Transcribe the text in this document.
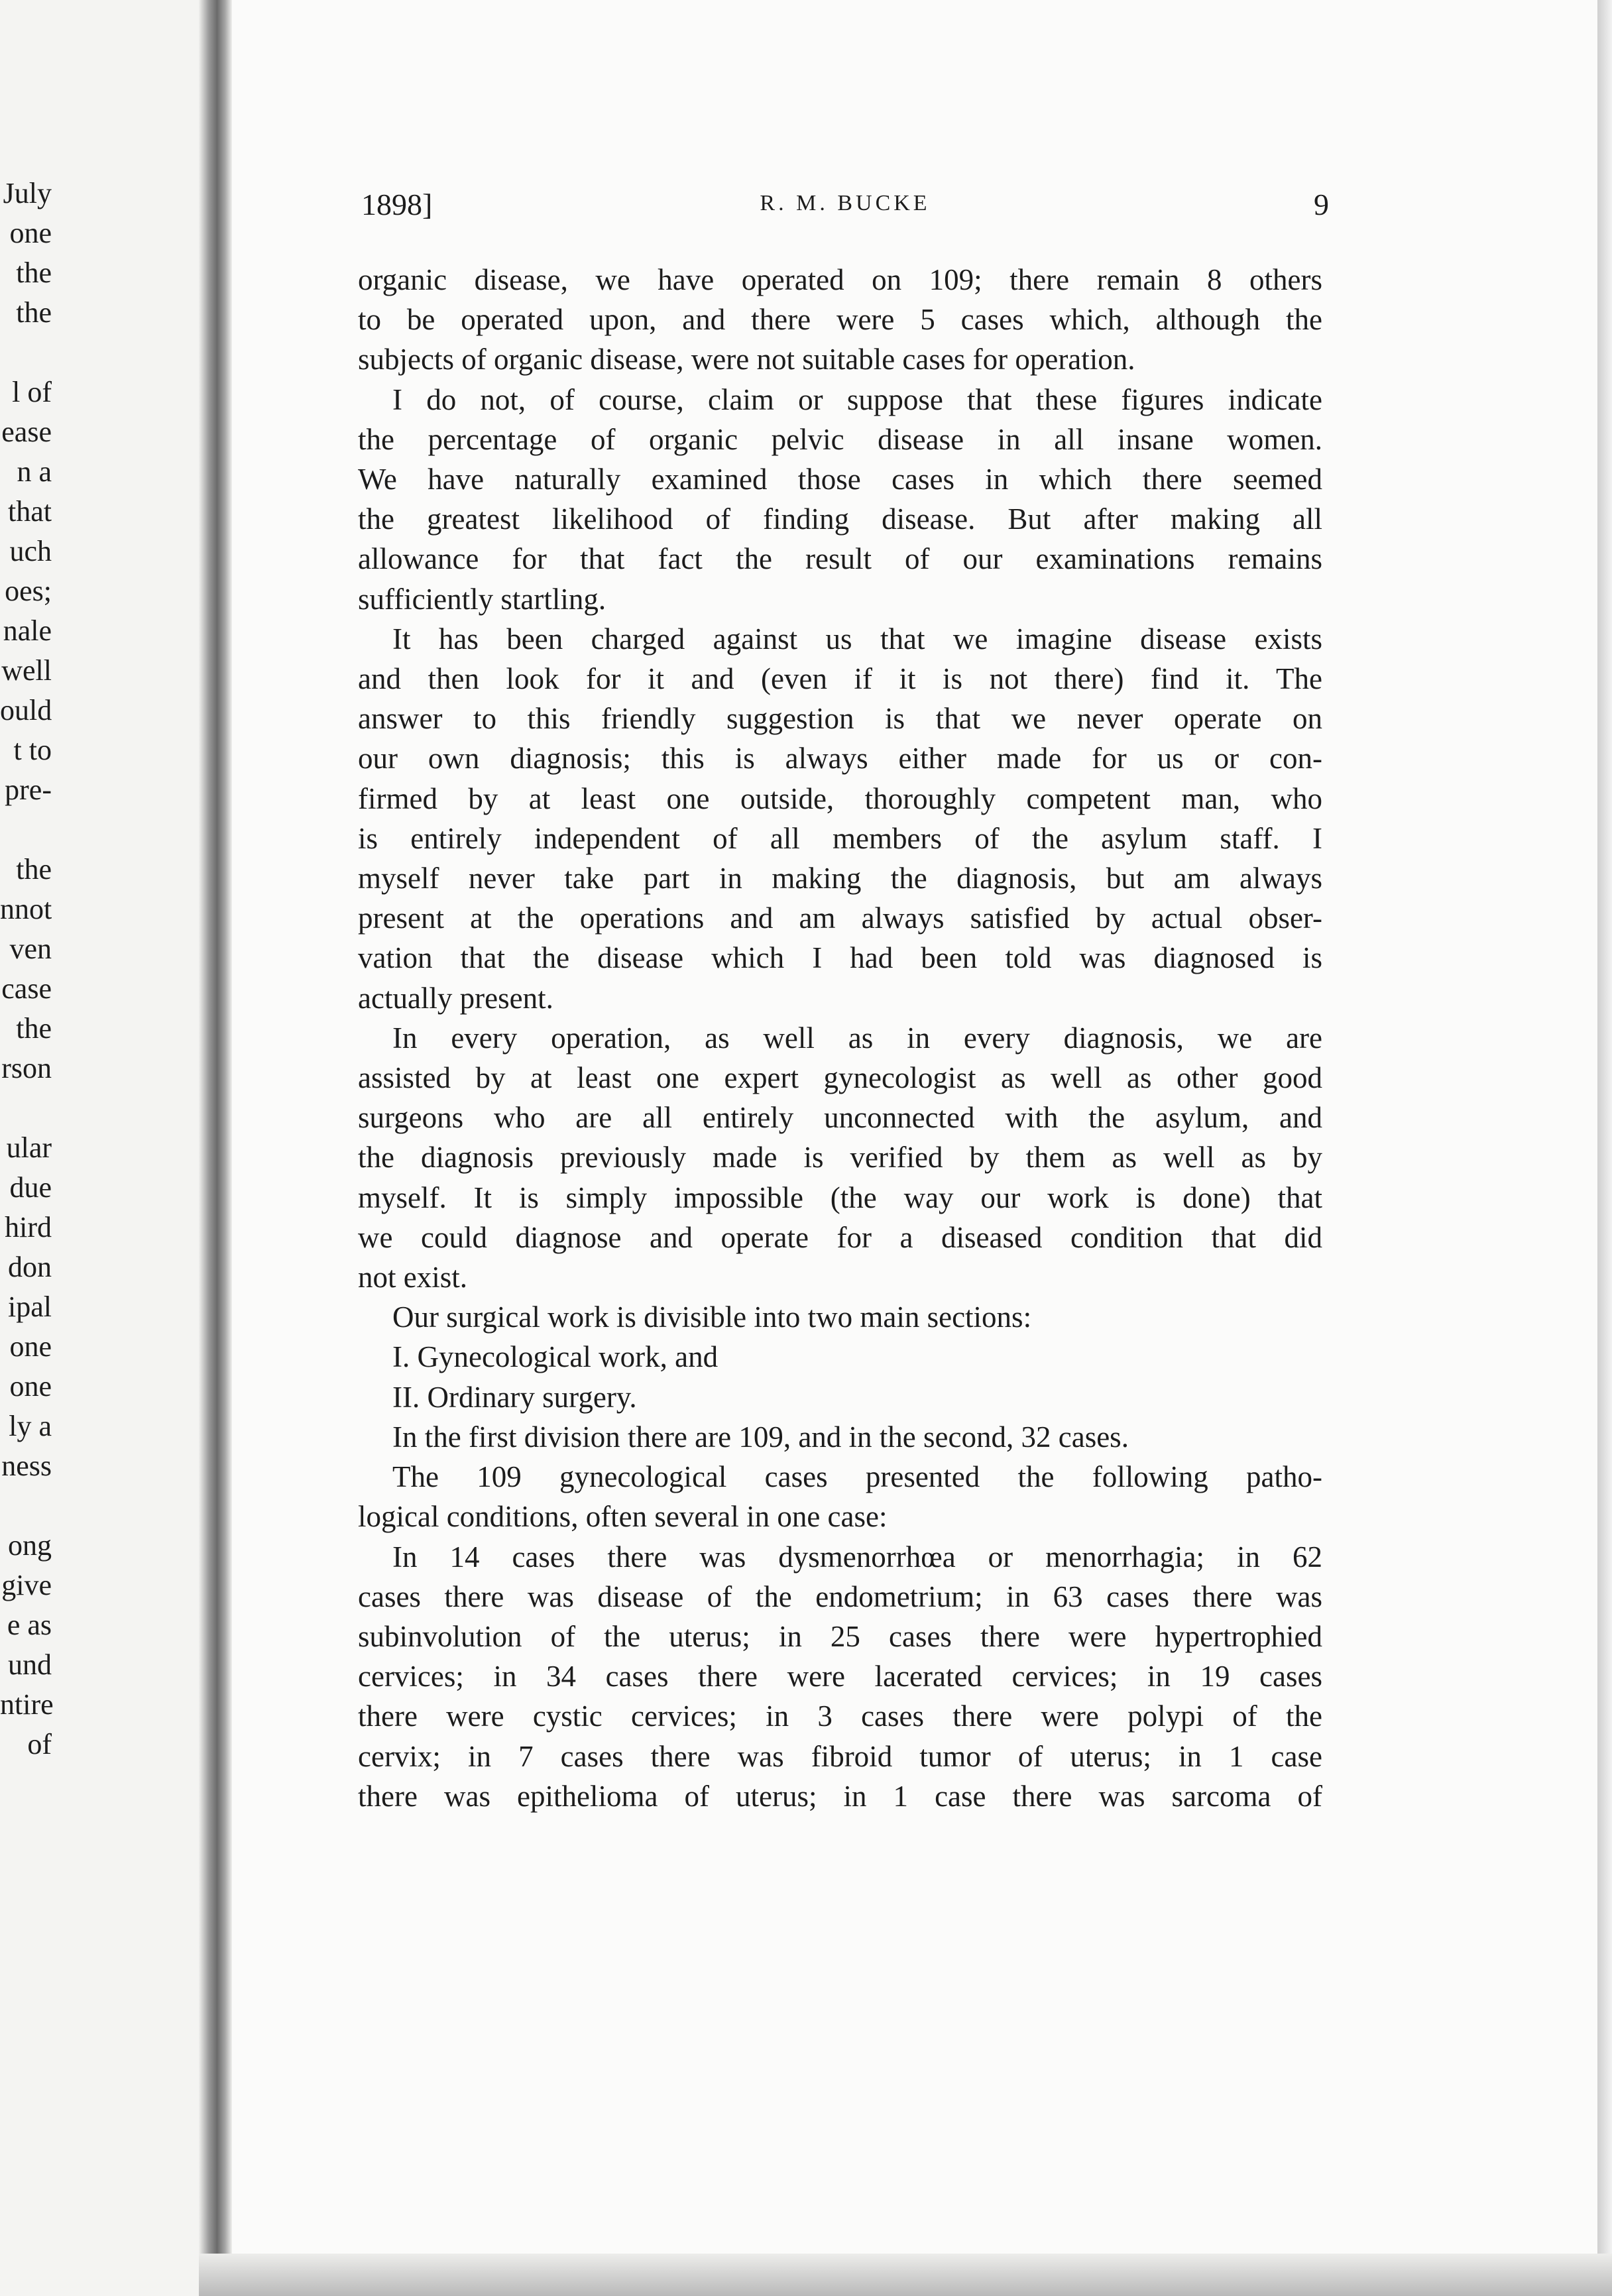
July
one
the
the
l of
ease
n a
that
uch
oes;
nale
well
ould
t to
pre-
the
nnot
ven
case
the
rson
ular
due
hird
don
ipal
one
one
ly a
ness
ong
give
e as
und
ntire
of
1898]	R. M. BUCKE	9

organic disease, we have operated on 109; there remain 8 others
to be operated upon, and there were 5 cases which, although the
subjects of organic disease, were not suitable cases for operation.

I do not, of course, claim or suppose that these figures indicate
the percentage of organic pelvic disease in all insane women.
We have naturally examined those cases in which there seemed
the greatest likelihood of finding disease. But after making all
allowance for that fact the result of our examinations remains
sufficiently startling.

It has been charged against us that we imagine disease exists
and then look for it and (even if it is not there) find it. The
answer to this friendly suggestion is that we never operate on
our own diagnosis; this is always either made for us or con-
firmed by at least one outside, thoroughly competent man, who
is entirely independent of all members of the asylum staff. I
myself never take part in making the diagnosis, but am always
present at the operations and am always satisfied by actual obser-
vation that the disease which I had been told was diagnosed is
actually present.

In every operation, as well as in every diagnosis, we are
assisted by at least one expert gynecologist as well as other good
surgeons who are all entirely unconnected with the asylum, and
the diagnosis previously made is verified by them as well as by
myself. It is simply impossible (the way our work is done) that
we could diagnose and operate for a diseased condition that did
not exist.

Our surgical work is divisible into two main sections:

I. Gynecological work, and

II. Ordinary surgery.

In the first division there are 109, and in the second, 32 cases.

The 109 gynecological cases presented the following patho-
logical conditions, often several in one case:

In 14 cases there was dysmenorrhœa or menorrhagia; in 62
cases there was disease of the endometrium; in 63 cases there was
subinvolution of the uterus; in 25 cases there were hypertrophied
cervices; in 34 cases there were lacerated cervices; in 19 cases
there were cystic cervices; in 3 cases there were polypi of the
cervix; in 7 cases there was fibroid tumor of uterus; in 1 case
there was epithelioma of uterus; in 1 case there was sarcoma of
